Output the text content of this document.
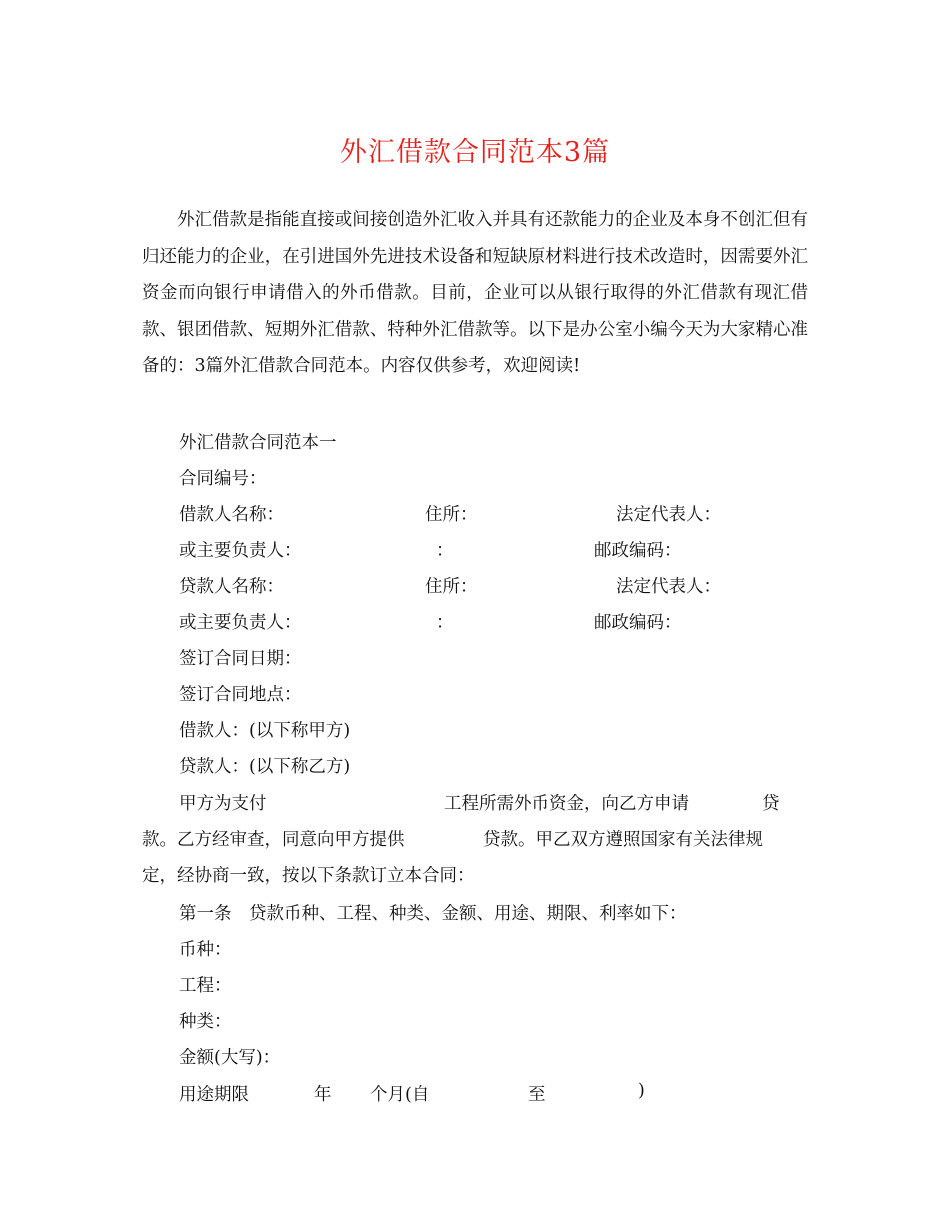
外汇借款合同范本3篇

外汇借款是指能直接或间接创造外汇收入并具有还款能力的企业及本身不创汇但有归还能力的企业，在引进国外先进技术设备和短缺原材料进行技术改造时，因需要外汇资金而向银行申请借入的外币借款。目前，企业可以从银行取得的外汇借款有现汇借款、银团借款、短期外汇借款、特种外汇借款等。以下是办公室小编今天为大家精心准备的：3篇外汇借款合同范本。内容仅供参考，欢迎阅读!

外汇借款合同范本一
合同编号：
借款人名称：	住所：	法定代表人：
或主要负责人：	：	邮政编码：
贷款人名称：	住所：	法定代表人：
或主要负责人：	：	邮政编码：
签订合同日期：
签订合同地点：
借款人：(以下称甲方)
贷款人：(以下称乙方)
甲方为支付	工程所需外币资金，向乙方申请	贷
款。乙方经审查，同意向甲方提供	贷款。甲乙双方遵照国家有关法律规
定，经协商一致，按以下条款订立本合同：
第一条　贷款币种、工程、种类、金额、用途、期限、利率如下：
币种：
工程：
种类：
金额(大写)：
用途期限	年 个月(自	至	)
